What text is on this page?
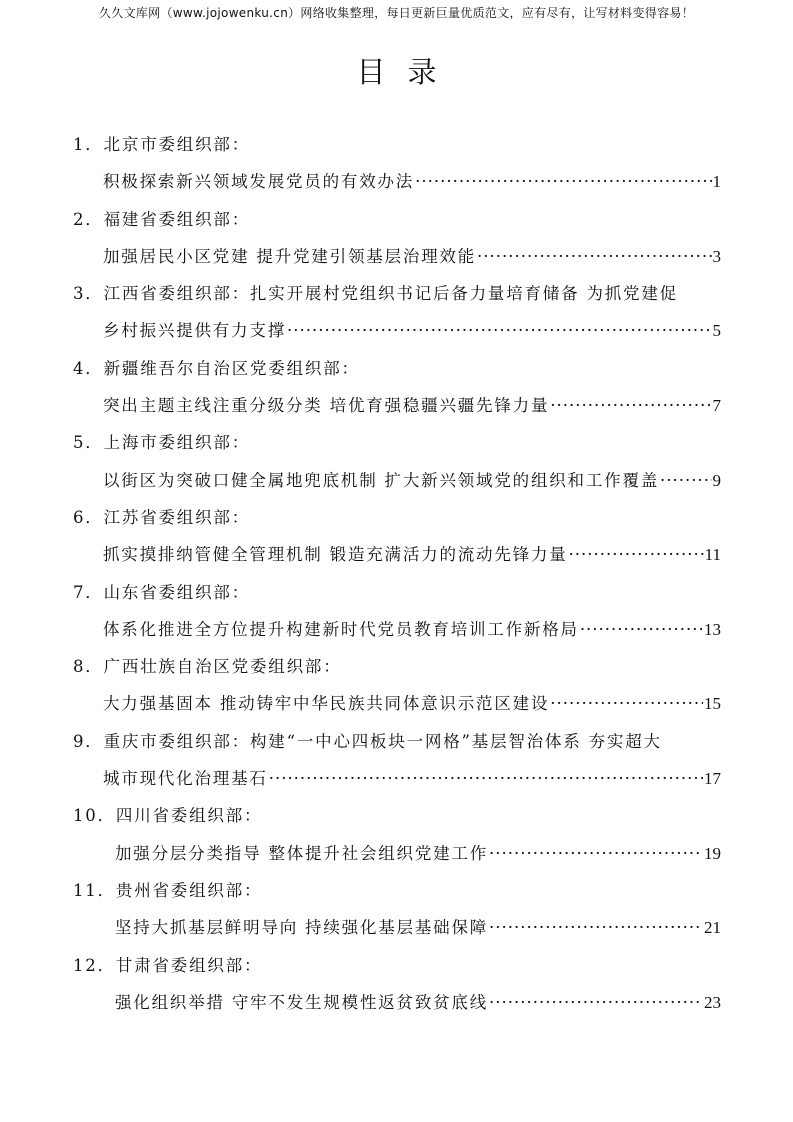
久久文库网（www.jojowenku.cn）网络收集整理，每日更新巨量优质范文，应有尽有，让写材料变得容易！
目录
1．北京市委组织部：
积极探索新兴领域发展党员的有效办法 ·····	1
2．福建省委组织部：
加强居民小区党建 提升党建引领基层治理效能 ·····	3
3．江西省委组织部：扎实开展村党组织书记后备力量培育储备 为抓党建促
乡村振兴提供有力支撑 ·····	5
4．新疆维吾尔自治区党委组织部：
突出主题主线注重分级分类 培优育强稳疆兴疆先锋力量 ·····	7
5．上海市委组织部：
以街区为突破口健全属地兜底机制 扩大新兴领域党的组织和工作覆盖 ·····	9
6．江苏省委组织部：
抓实摸排纳管健全管理机制 锻造充满活力的流动先锋力量 ·····	11
7．山东省委组织部：
体系化推进全方位提升构建新时代党员教育培训工作新格局 ·····	13
8．广西壮族自治区党委组织部：
大力强基固本 推动铸牢中华民族共同体意识示范区建设 ·····	15
9．重庆市委组织部：构建“一中心四板块一网格”基层智治体系 夯实超大
城市现代化治理基石 ·····	17
10．四川省委组织部：
加强分层分类指导 整体提升社会组织党建工作 ·····	19
11．贵州省委组织部：
坚持大抓基层鲜明导向 持续强化基层基础保障 ·····	21
12．甘肃省委组织部：
强化组织举措 守牢不发生规模性返贫致贫底线 ·····	23
